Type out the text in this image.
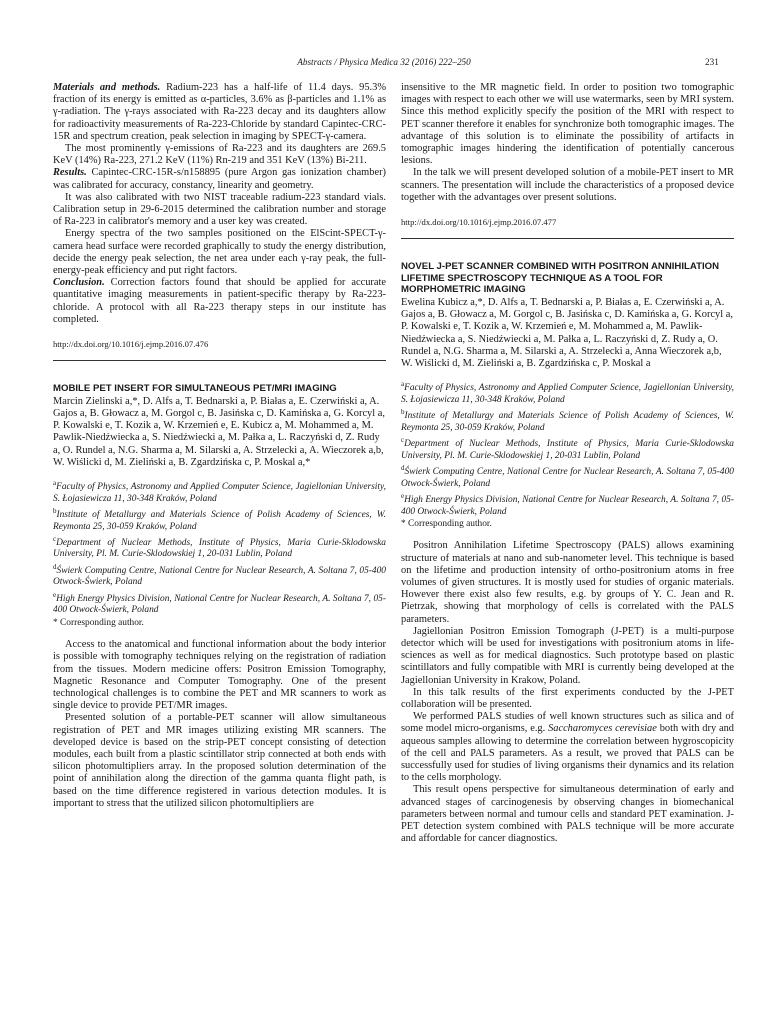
Abstracts / Physica Medica 32 (2016) 222–250	231

Materials and methods. Radium-223 has a half-life of 11.4 days. 95.3% fraction of its energy is emitted as α-particles, 3.6% as β-particles and 1.1% as γ-radiation. The γ-rays associated with Ra-223 decay and its daughters allow for radioactivity measurements of Ra-223-Chloride by standard Capintec-CRC-15R and spectrum creation, peak selection in imaging by SPECT-γ-camera.

The most prominently γ-emissions of Ra-223 and its daughters are 269.5 KeV (14%) Ra-223, 271.2 KeV (11%) Rn-219 and 351 KeV (13%) Bi-211.

Results. Capintec-CRC-15R-s/n158895 (pure Argon gas ionization chamber) was calibrated for accuracy, constancy, linearity and geometry.

It was also calibrated with two NIST traceable radium-223 standard vials. Calibration setup in 29-6-2015 determined the calibration number and storage of Ra-223 in calibrator's memory and a user key was created.

Energy spectra of the two samples positioned on the ElScint-SPECT-γ-camera head surface were recorded graphically to study the energy distribution, decide the energy peak selection, the net area under each γ-ray peak, the full-energy-peak efficiency and put right factors.

Conclusion. Correction factors found that should be applied for accurate quantitative imaging measurements in patient-specific therapy by Ra-223-chloride. A protocol with all Ra-223 therapy steps in our institute has completed.

http://dx.doi.org/10.1016/j.ejmp.2016.07.476
MOBILE PET INSERT FOR SIMULTANEOUS PET/MRI IMAGING
Marcin Zielinski a,*, D. Alfs a, T. Bednarski a, P. Białas a, E. Czerwiński a, A. Gajos a, B. Głowacz a, M. Gorgol c, B. Jasińska c, D. Kamińska a, G. Korcyl a, P. Kowalski e, T. Kozik a, W. Krzemień e, E. Kubicz a, M. Mohammed a, M. Pawlik-Niedźwiecka a, S. Niedźwiecki a, M. Pałka a, L. Raczyński d, Z. Rudy a, O. Rundel a, N.G. Sharma a, M. Silarski a, A. Strzelecki a, A. Wieczorek a,b, W. Wiślicki d, M. Zieliński a, B. Zgardzińska c, P. Moskal a,*

$^a$Faculty of Physics, Astronomy and Applied Computer Science, Jagiellonian University, S. Łojasiewicza 11, 30-348 Kraków, Poland

$^b$Institute of Metallurgy and Materials Science of Polish Academy of Sciences, W. Reymonta 25, 30-059 Kraków, Poland

$^c$Department of Nuclear Methods, Institute of Physics, Maria Curie-Sklodowska University, Pl. M. Curie-Sklodowskiej 1, 20-031 Lublin, Poland

$^d$Świerk Computing Centre, National Centre for Nuclear Research, A. Soltana 7, 05-400 Otwock-Świerk, Poland

$^e$High Energy Physics Division, National Centre for Nuclear Research, A. Soltana 7, 05-400 Otwock-Świerk, Poland

* Corresponding author.

Access to the anatomical and functional information about the body interior is possible with tomography techniques relying on the registration of radiation from the tissues. Modern medicine offers: Positron Emission Tomography, Magnetic Resonance and Computer Tomography. One of the present technological challenges is to combine the PET and MR scanners to work as single device to provide PET/MR images.

Presented solution of a portable-PET scanner will allow simultaneous registration of PET and MR images utilizing existing MR scanners. The developed device is based on the strip-PET concept consisting of detection modules, each built from a plastic scintillator strip connected at both ends with silicon photomultipliers array. In the proposed solution determination of the point of annihilation along the direction of the gamma quanta flight path, is based on the time difference registered in various detection modules. It is important to stress that the utilized silicon photomultipliers are

insensitive to the MR magnetic field. In order to position two tomographic images with respect to each other we will use watermarks, seen by MRI system. Since this method explicitly specify the position of the MRI with respect to PET scanner therefore it enables for synchronize both tomographic images. The advantage of this solution is to eliminate the possibility of artifacts in tomographic images hindering the identification of potentially cancerous lesions.

In the talk we will present developed solution of a mobile-PET insert to MR scanners. The presentation will include the characteristics of a proposed device together with the advantages over present solutions.

http://dx.doi.org/10.1016/j.ejmp.2016.07.477
NOVEL J-PET SCANNER COMBINED WITH POSITRON ANNIHILATION LIFETIME SPECTROSCOPY TECHNIQUE AS A TOOL FOR MORPHOMETRIC IMAGING
Ewelina Kubicz a,*, D. Alfs a, T. Bednarski a, P. Białas a, E. Czerwiński a, A. Gajos a, B. Głowacz a, M. Gorgol c, B. Jasińska c, D. Kamińska a, G. Korcyl a, P. Kowalski e, T. Kozik a, W. Krzemień e, M. Mohammed a, M. Pawlik-Niedźwiecka a, S. Niedźwiecki a, M. Pałka a, L. Raczyński d, Z. Rudy a, O. Rundel a, N.G. Sharma a, M. Silarski a, A. Strzelecki a, Anna Wieczorek a,b, W. Wiślicki d, M. Zieliński a, B. Zgardzińska c, P. Moskal a

$^a$Faculty of Physics, Astronomy and Applied Computer Science, Jagiellonian University, S. Łojasiewicza 11, 30-348 Kraków, Poland

$^b$Institute of Metallurgy and Materials Science of Polish Academy of Sciences, W. Reymonta 25, 30-059 Kraków, Poland

$^c$Department of Nuclear Methods, Institute of Physics, Maria Curie-Sklodowska University, Pl. M. Curie-Sklodowskiej 1, 20-031 Lublin, Poland

$^d$Świerk Computing Centre, National Centre for Nuclear Research, A. Soltana 7, 05-400 Otwock-Świerk, Poland

$^e$High Energy Physics Division, National Centre for Nuclear Research, A. Soltana 7, 05-400 Otwock-Świerk, Poland

* Corresponding author.

Positron Annihilation Lifetime Spectroscopy (PALS) allows examining structure of materials at nano and sub-nanometer level. This technique is based on the lifetime and production intensity of ortho-positronium atoms in free volumes of given structures. It is mostly used for studies of organic materials. However there exist also few results, e.g. by groups of Y. C. Jean and R. Pietrzak, showing that morphology of cells is correlated with the PALS parameters.

Jagiellonian Positron Emission Tomograph (J-PET) is a multi-purpose detector which will be used for investigations with positronium atoms in life-sciences as well as for medical diagnostics. Such prototype based on plastic scintillators and fully compatible with MRI is currently being developed at the Jagiellonian University in Krakow, Poland.

In this talk results of the first experiments conducted by the J-PET collaboration will be presented.

We performed PALS studies of well known structures such as silica and of some model micro-organisms, e.g. Saccharomyces cerevisiae both with dry and aqueous samples allowing to determine the correlation between hygroscopicity of the cell and PALS parameters. As a result, we proved that PALS can be successfully used for studies of living organisms their dynamics and its relation to the cells morphology.

This result opens perspective for simultaneous determination of early and advanced stages of carcinogenesis by observing changes in biomechanical parameters between normal and tumour cells and standard PET examination. J-PET detection system combined with PALS technique will be more accurate and affordable for cancer diagnostics.
